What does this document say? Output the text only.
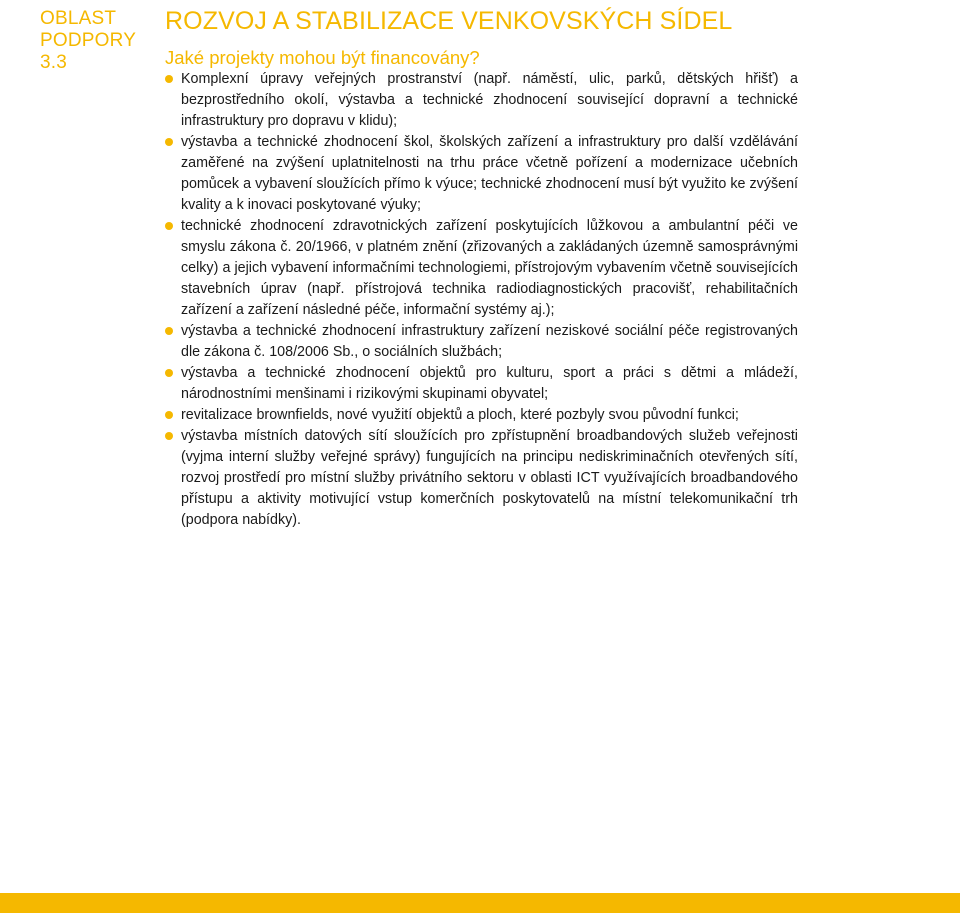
OBLAST
PODPORY
3.3
ROZVOJ A STABILIZACE VENKOVSKÝCH SÍDEL
Jaké projekty mohou být financovány?
Komplexní úpravy veřejných prostranství (např. náměstí, ulic, parků, dětských hřišť) a bezprostředního okolí, výstavba a technické zhodnocení související dopravní a technické infrastruktury pro dopravu v klidu);
výstavba a technické zhodnocení škol, školských zařízení a infrastruktury pro další vzdělávání zaměřené na zvýšení uplatnitelnosti na trhu práce včetně pořízení a modernizace učebních pomůcek a vybavení sloužících přímo k výuce; technické zhodnocení musí být využito ke zvýšení kvality a k inovaci poskytované výuky;
technické zhodnocení zdravotnických zařízení poskytujících lůžkovou a ambulantní péči ve smyslu zákona č. 20/1966, v platném znění (zřizovaných a zakládaných územně samosprávnými celky) a jejich vybavení informačními technologiemi, přístrojovým vybavením včetně souvisejících stavebních úprav (např. přístrojová technika radiodiagnostických pracovišť, rehabilitačních zařízení a zařízení následné péče, informační systémy aj.);
výstavba a technické zhodnocení infrastruktury zařízení neziskové sociální péče registrovaných dle zákona č. 108/2006 Sb., o sociálních službách;
výstavba a technické zhodnocení objektů pro kulturu, sport a práci s dětmi a mládeží, národnostními menšinami i rizikovými skupinami obyvatel;
revitalizace brownfields, nové využití objektů a ploch, které pozbyly svou původní funkci;
výstavba místních datových sítí sloužících pro zpřístupnění broadbandových služeb veřejnosti (vyjma interní služby veřejné správy) fungujících na principu nediskriminačních otevřených sítí, rozvoj prostředí pro místní služby privátního sektoru v oblasti ICT využívajících broadbandového přístupu a aktivity motivující vstup komerčních poskytovatelů na místní telekomunikační trh (podpora nabídky).
